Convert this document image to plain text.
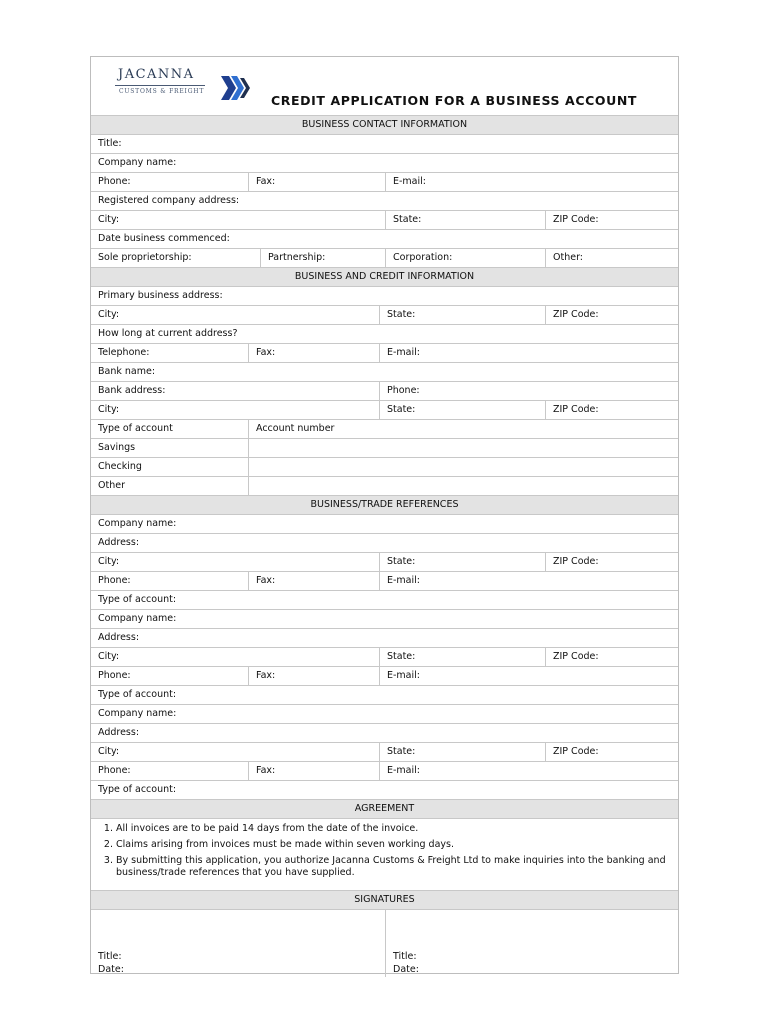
JACANNA
CUSTOMS & FREIGHT
CREDIT APPLICATION FOR A BUSINESS ACCOUNT
BUSINESS CONTACT INFORMATION
Title:
Company name:
Phone:	Fax:	E-mail:
Registered company address:
City:	State:	ZIP Code:
Date business commenced:
Sole proprietorship:	Partnership:	Corporation:	Other:
BUSINESS AND CREDIT INFORMATION
Primary business address:
City:	State:	ZIP Code:
How long at current address?
Telephone:	Fax:	E-mail:
Bank name:
Bank address:	Phone:
City:	State:	ZIP Code:
Type of account	Account number
Savings
Checking
Other
BUSINESS/TRADE REFERENCES
Company name:
Address:
City:	State:	ZIP Code:
Phone:	Fax:	E-mail:
Type of account:
Company name:
Address:
City:	State:	ZIP Code:
Phone:	Fax:	E-mail:
Type of account:
Company name:
Address:
City:	State:	ZIP Code:
Phone:	Fax:	E-mail:
Type of account:
AGREEMENT
1. All invoices are to be paid 14 days from the date of the invoice.
2. Claims arising from invoices must be made within seven working days.
3. By submitting this application, you authorize Jacanna Customs & Freight Ltd to make inquiries into the banking and business/trade references that you have supplied.
SIGNATURES
Title:
Date:
Title:
Date:
